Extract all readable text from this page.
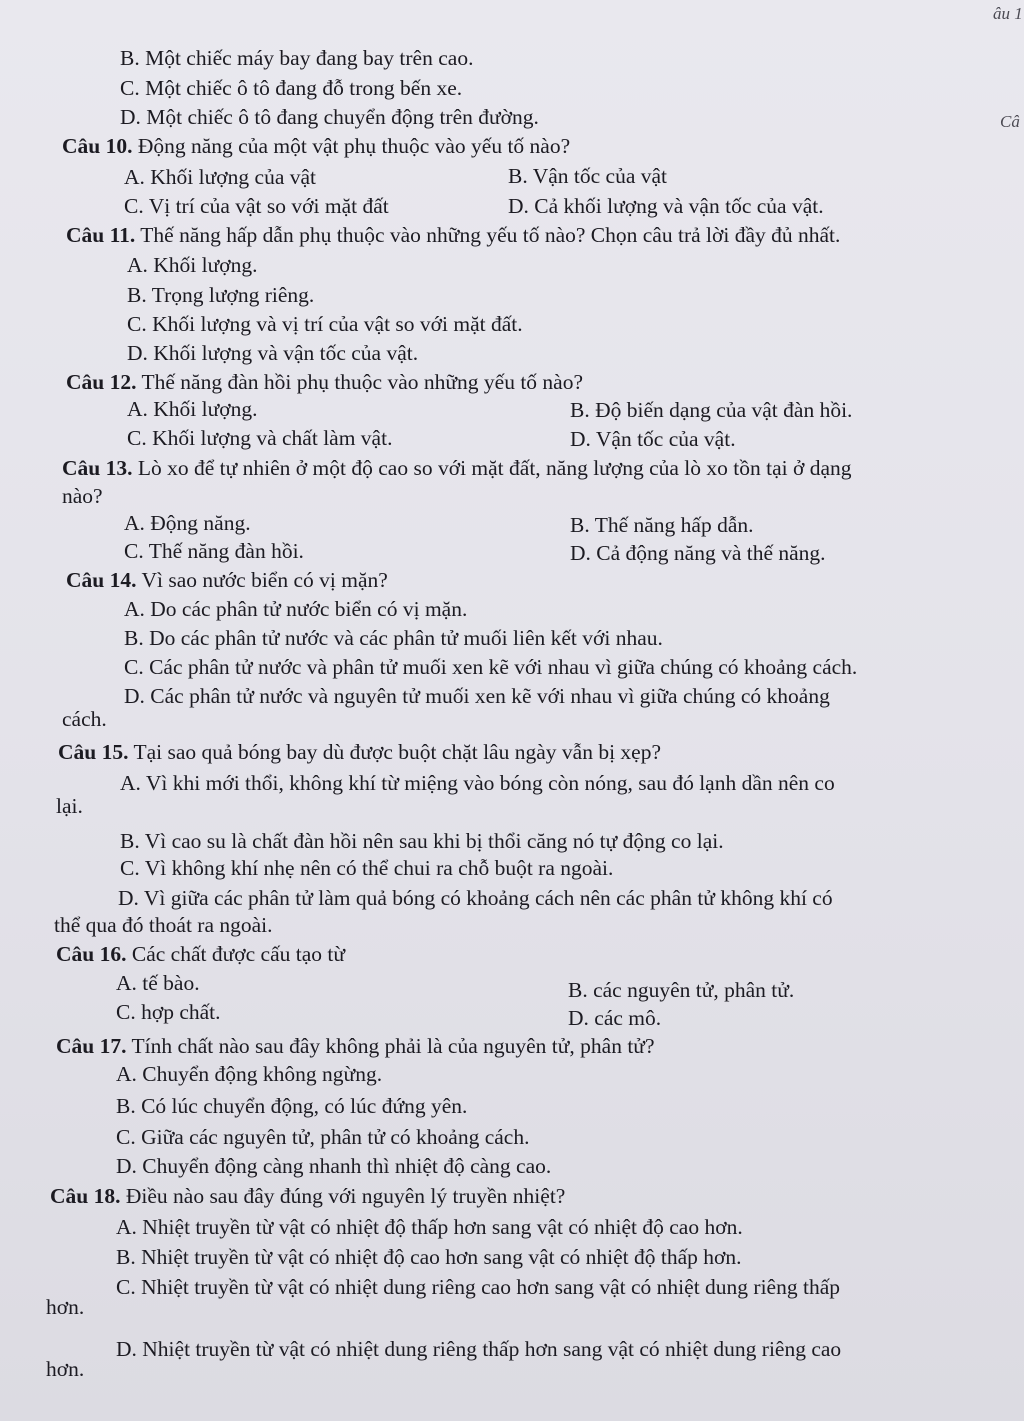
âu 1
Câ
B. Một chiếc máy bay đang bay trên cao.
C. Một chiếc ô tô đang đỗ trong bến xe.
D. Một chiếc ô tô đang chuyển động trên đường.
Câu 10. Động năng của một vật phụ thuộc vào yếu tố nào?
A. Khối lượng của vật	B. Vận tốc của vật
C. Vị trí của vật so với mặt đất	D. Cả khối lượng và vận tốc của vật.
Câu 11. Thế năng hấp dẫn phụ thuộc vào những yếu tố nào? Chọn câu trả lời đầy đủ nhất.
A. Khối lượng.
B. Trọng lượng riêng.
C. Khối lượng và vị trí của vật so với mặt đất.
D. Khối lượng và vận tốc của vật.
Câu 12. Thế năng đàn hồi phụ thuộc vào những yếu tố nào?
A. Khối lượng.	B. Độ biến dạng của vật đàn hồi.
C. Khối lượng và chất làm vật.	D. Vận tốc của vật.
Câu 13. Lò xo để tự nhiên ở một độ cao so với mặt đất, năng lượng của lò xo tồn tại ở dạng
nào?
A. Động năng.	B. Thế năng hấp dẫn.
C. Thế năng đàn hồi.	D. Cả động năng và thế năng.
Câu 14. Vì sao nước biển có vị mặn?
A. Do các phân tử nước biển có vị mặn.
B. Do các phân tử nước và các phân tử muối liên kết với nhau.
C. Các phân tử nước và phân tử muối xen kẽ với nhau vì giữa chúng có khoảng cách.
D. Các phân tử nước và nguyên tử muối xen kẽ với nhau vì giữa chúng có khoảng
cách.
Câu 15. Tại sao quả bóng bay dù được buột chặt lâu ngày vẫn bị xẹp?
A. Vì khi mới thổi, không khí từ miệng vào bóng còn nóng, sau đó lạnh dần nên co
lại.
B. Vì cao su là chất đàn hồi nên sau khi bị thổi căng nó tự động co lại.
C. Vì không khí nhẹ nên có thể chui ra chỗ buột ra ngoài.
D. Vì giữa các phân tử làm quả bóng có khoảng cách nên các phân tử không khí có
thể qua đó thoát ra ngoài.
Câu 16. Các chất được cấu tạo từ
A. tế bào.	B. các nguyên tử, phân tử.
C. hợp chất.	D. các mô.
Câu 17. Tính chất nào sau đây không phải là của nguyên tử, phân tử?
A. Chuyển động không ngừng.
B. Có lúc chuyển động, có lúc đứng yên.
C. Giữa các nguyên tử, phân tử có khoảng cách.
D. Chuyển động càng nhanh thì nhiệt độ càng cao.
Câu 18. Điều nào sau đây đúng với nguyên lý truyền nhiệt?
A. Nhiệt truyền từ vật có nhiệt độ thấp hơn sang vật có nhiệt độ cao hơn.
B. Nhiệt truyền từ vật có nhiệt độ cao hơn sang vật có nhiệt độ thấp hơn.
C. Nhiệt truyền từ vật có nhiệt dung riêng cao hơn sang vật có nhiệt dung riêng thấp
hơn.
D. Nhiệt truyền từ vật có nhiệt dung riêng thấp hơn sang vật có nhiệt dung riêng cao
hơn.
